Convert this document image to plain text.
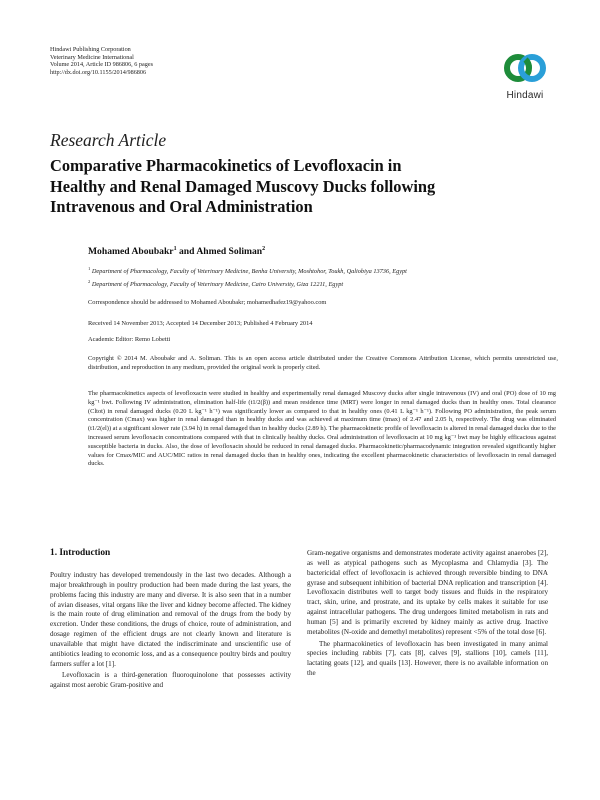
Hindawi Publishing Corporation
Veterinary Medicine International
Volume 2014, Article ID 986806, 6 pages
http://dx.doi.org/10.1155/2014/986806
Hindawi
Research Article
Comparative Pharmacokinetics of Levofloxacin in
Healthy and Renal Damaged Muscovy Ducks following
Intravenous and Oral Administration
Mohamed Aboubakr$^1$ and Ahmed Soliman$^2$
$^1$ Department of Pharmacology, Faculty of Veterinary Medicine, Benha University, Moshtohor, Toukh, Qaliobiya 13736, Egypt
$^2$ Department of Pharmacology, Faculty of Veterinary Medicine, Cairo University, Giza 12211, Egypt
Correspondence should be addressed to Mohamed Aboubakr; mohamedhafez19@yahoo.com
Received 14 November 2013; Accepted 14 December 2013; Published 4 February 2014
Academic Editor: Remo Lobetti
Copyright © 2014 M. Aboubakr and A. Soliman. This is an open access article distributed under the Creative Commons Attribution License, which permits unrestricted use, distribution, and reproduction in any medium, provided the original work is properly cited.
The pharmacokinetics aspects of levofloxacin were studied in healthy and experimentally renal damaged Muscovy ducks after single intravenous (IV) and oral (PO) dose of 10 mg kg⁻¹ bwt. Following IV administration, elimination half-life (t1/2(β)) and mean residence time (MRT) were longer in renal damaged ducks than in healthy ones. Total clearance (Cltot) in renal damaged ducks (0.20 L kg⁻¹ h⁻¹) was significantly lower as compared to that in healthy ones (0.41 L kg⁻¹ h⁻¹). Following PO administration, the peak serum concentration (Cmax) was higher in renal damaged than in healthy ducks and was achieved at maximum time (tmax) of 2.47 and 2.05 h, respectively. The drug was eliminated (t1/2(el)) at a significant slower rate (3.94 h) in renal damaged than in healthy ducks (2.89 h). The pharmacokinetic profile of levofloxacin is altered in renal damaged ducks due to the increased serum levofloxacin concentrations compared with that in clinically healthy ducks. Oral administration of levofloxacin at 10 mg kg⁻¹ bwt may be highly efficacious against susceptible bacteria in ducks. Also, the dose of levofloxacin should be reduced in renal damaged ducks. Pharmacokinetic/pharmacodynamic integration revealed significantly higher values for Cmax/MIC and AUC/MIC ratios in renal damaged ducks than in healthy ones, indicating the excellent pharmacokinetic characteristics of levofloxacin in renal damaged ducks.
1. Introduction

Poultry industry has developed tremendously in the last two decades. Although a major breakthrough in poultry production had been made during the last years, the problems facing this industry are many and diverse. It is also seen that in a number of avian diseases, vital organs like the liver and kidney become affected. The kidney is the main route of drug elimination and removal of the drugs from the body by excretion. Under these conditions, the drugs of choice, route of administration, and dosage regimen of the efficient drugs are not clearly known and literature is unavailable that might have dictated the indiscriminate and unscientific use of antibiotics leading to economic loss, and as a consequence poultry birds and poultry farmers suffer a lot [1].

Levofloxacin is a third-generation fluoroquinolone that possesses activity against most aerobic Gram-positive and

Gram-negative organisms and demonstrates moderate activity against anaerobes [2], as well as atypical pathogens such as Mycoplasma and Chlamydia [3]. The bactericidal effect of levofloxacin is achieved through reversible binding to DNA gyrase and subsequent inhibition of bacterial DNA replication and transcription [4]. Levofloxacin distributes well to target body tissues and fluids in the respiratory tract, skin, urine, and prostrate, and its uptake by cells makes it suitable for use against intracellular pathogens. The drug undergoes limited metabolism in rats and human [5] and is primarily excreted by kidney mainly as active drug. Inactive metabolites (N-oxide and demethyl metabolites) represent <5% of the total dose [6].

The pharmacokinetics of levofloxacin has been investigated in many animal species including rabbits [7], cats [8], calves [9], stallions [10], camels [11], lactating goats [12], and quails [13]. However, there is no available information on the
